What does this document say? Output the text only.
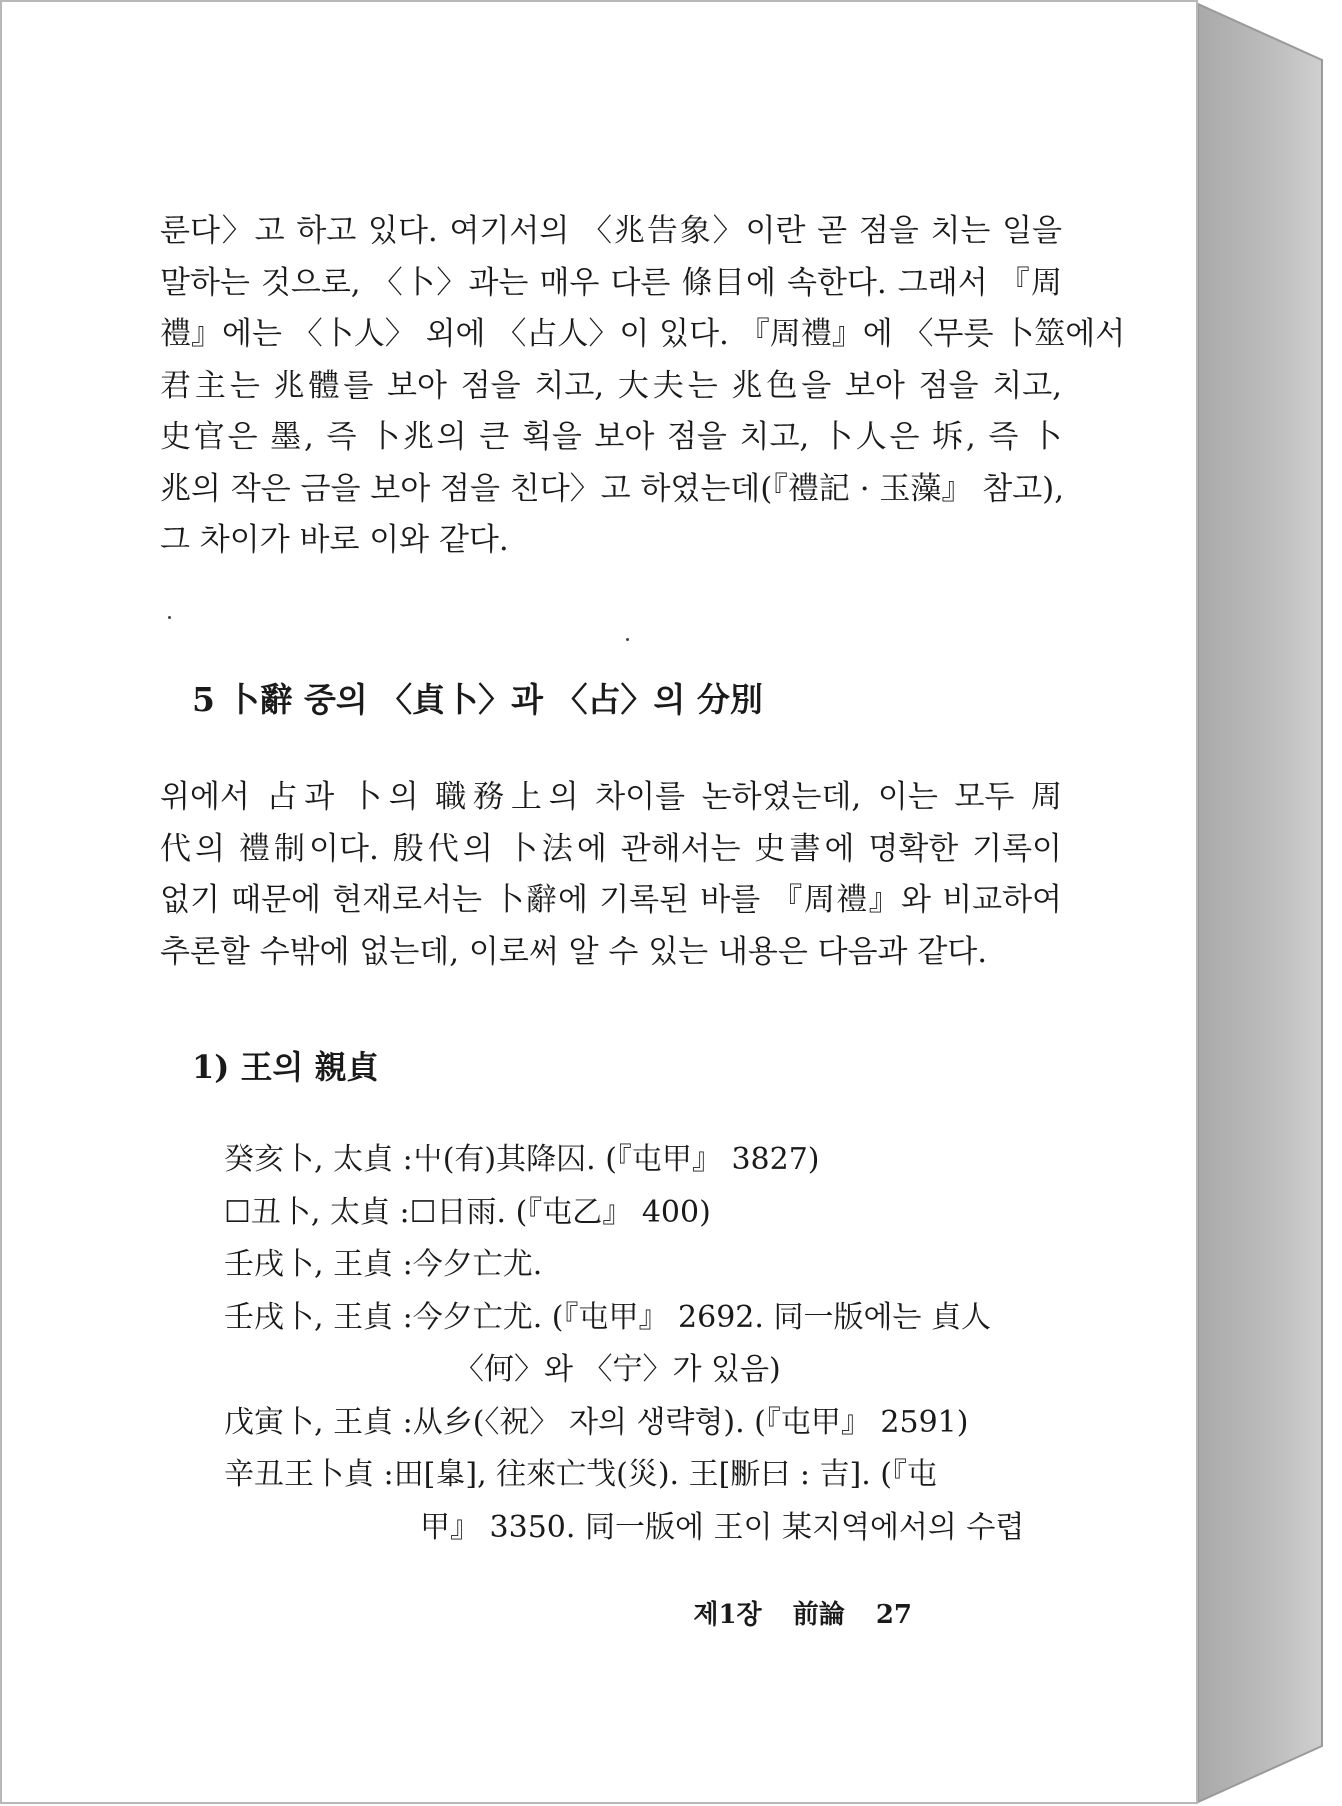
룬다〉고 하고 있다. 여기서의 〈兆告象〉이란 곧 점을 치는 일을
말하는 것으로, 〈卜〉과는 매우 다른 條目에 속한다. 그래서 『周
禮』에는 〈卜人〉 외에 〈占人〉이 있다. 『周禮』에 〈무릇 卜筮에서
君主는 兆體를 보아 점을 치고, 大夫는 兆色을 보아 점을 치고,
史官은 墨, 즉 卜兆의 큰 획을 보아 점을 치고, 卜人은 坼, 즉 卜
兆의 작은 금을 보아 점을 친다〉고 하였는데(『禮記 · 玉藻』 참고),
그 차이가 바로 이와 같다.

5 卜辭 중의 〈貞卜〉과 〈占〉의 分別

위에서 占과 卜의 職務上의 차이를 논하였는데, 이는 모두 周
代의 禮制이다. 殷代의 卜法에 관해서는 史書에 명확한 기록이
없기 때문에 현재로서는 卜辭에 기록된 바를 『周禮』와 비교하여
추론할 수밖에 없는데, 이로써 알 수 있는 내용은 다음과 같다.

1) 王의 親貞
癸亥卜, 太貞 : 屮(有)其降囚. (『屯甲』 3827)
☐丑卜, 太貞 : ☐日雨. (『屯乙』 400)
壬戌卜, 王貞 : 今夕亡尤.
壬戌卜, 王貞 : 今夕亡尤. (『屯甲』 2692. 同一版에는 貞人
〈何〉와 〈宁〉가 있음)
戊寅卜, 王貞 : 从乡(〈祝〉 자의 생략형). (『屯甲』 2591)
辛丑王卜貞 : 田[𦤎], 往來亡𢦏(災). 王[𣂤曰 : 吉]. (『屯
甲』 3350. 同一版에 王이 某지역에서의 수렵
제1장 前論 27
